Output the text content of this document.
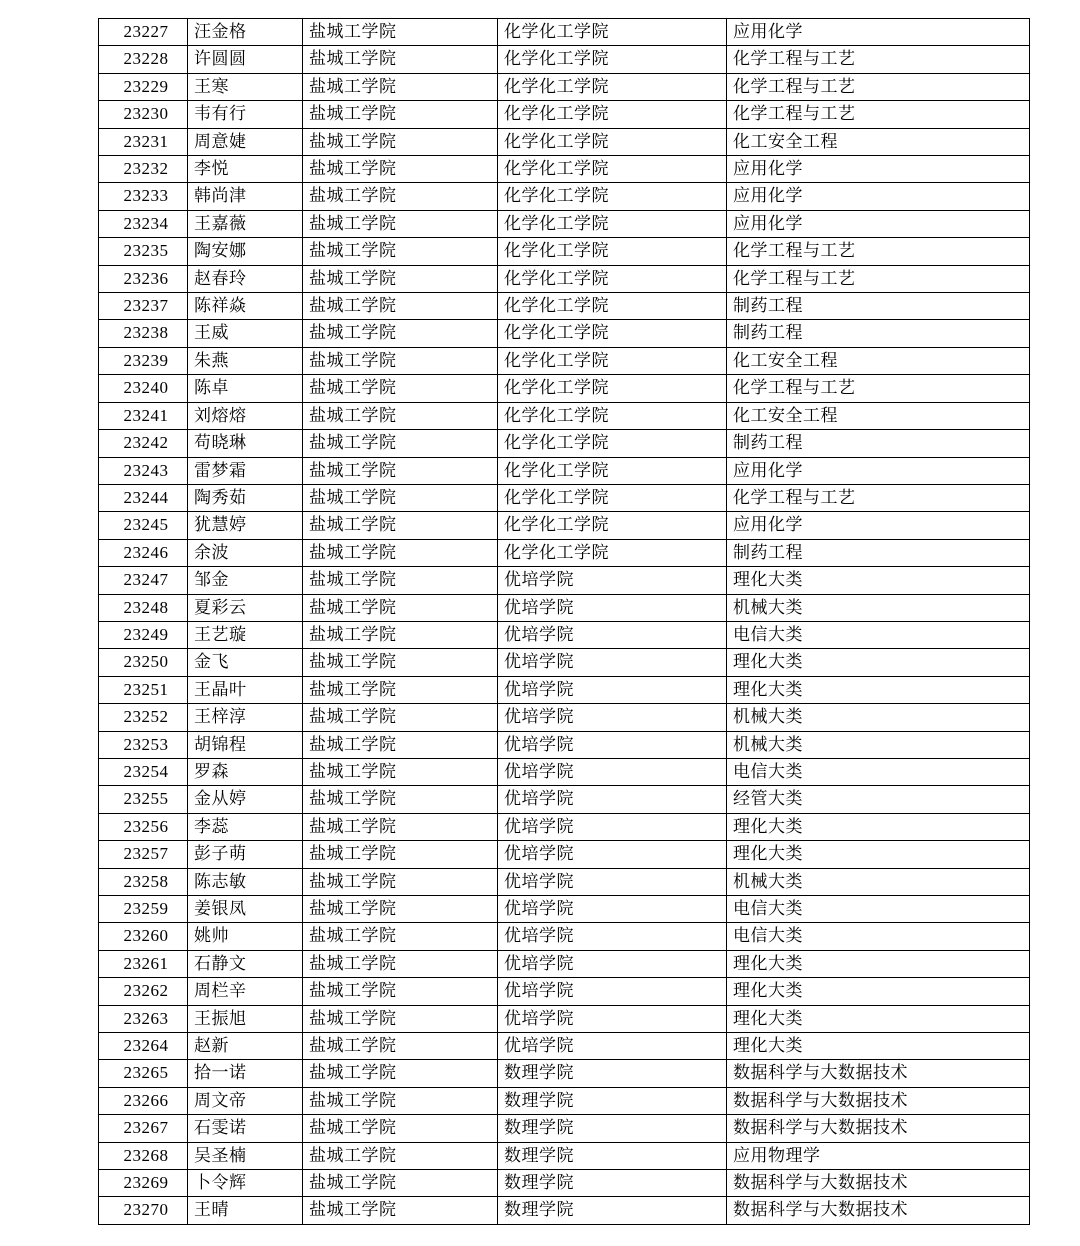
23227	汪金格	盐城工学院	化学化工学院	应用化学
23228	许圆圆	盐城工学院	化学化工学院	化学工程与工艺
23229	王寒	盐城工学院	化学化工学院	化学工程与工艺
23230	韦有行	盐城工学院	化学化工学院	化学工程与工艺
23231	周意婕	盐城工学院	化学化工学院	化工安全工程
23232	李悦	盐城工学院	化学化工学院	应用化学
23233	韩尚津	盐城工学院	化学化工学院	应用化学
23234	王嘉薇	盐城工学院	化学化工学院	应用化学
23235	陶安娜	盐城工学院	化学化工学院	化学工程与工艺
23236	赵春玲	盐城工学院	化学化工学院	化学工程与工艺
23237	陈祥焱	盐城工学院	化学化工学院	制药工程
23238	王威	盐城工学院	化学化工学院	制药工程
23239	朱燕	盐城工学院	化学化工学院	化工安全工程
23240	陈卓	盐城工学院	化学化工学院	化学工程与工艺
23241	刘熔熔	盐城工学院	化学化工学院	化工安全工程
23242	苟晓琳	盐城工学院	化学化工学院	制药工程
23243	雷梦霜	盐城工学院	化学化工学院	应用化学
23244	陶秀茹	盐城工学院	化学化工学院	化学工程与工艺
23245	犹慧婷	盐城工学院	化学化工学院	应用化学
23246	余波	盐城工学院	化学化工学院	制药工程
23247	邹金	盐城工学院	优培学院	理化大类
23248	夏彩云	盐城工学院	优培学院	机械大类
23249	王艺璇	盐城工学院	优培学院	电信大类
23250	金飞	盐城工学院	优培学院	理化大类
23251	王晶叶	盐城工学院	优培学院	理化大类
23252	王梓淳	盐城工学院	优培学院	机械大类
23253	胡锦程	盐城工学院	优培学院	机械大类
23254	罗森	盐城工学院	优培学院	电信大类
23255	金从婷	盐城工学院	优培学院	经管大类
23256	李蕊	盐城工学院	优培学院	理化大类
23257	彭子萌	盐城工学院	优培学院	理化大类
23258	陈志敏	盐城工学院	优培学院	机械大类
23259	姜银凤	盐城工学院	优培学院	电信大类
23260	姚帅	盐城工学院	优培学院	电信大类
23261	石静文	盐城工学院	优培学院	理化大类
23262	周栏辛	盐城工学院	优培学院	理化大类
23263	王振旭	盐城工学院	优培学院	理化大类
23264	赵新	盐城工学院	优培学院	理化大类
23265	拾一诺	盐城工学院	数理学院	数据科学与大数据技术
23266	周文帝	盐城工学院	数理学院	数据科学与大数据技术
23267	石雯诺	盐城工学院	数理学院	数据科学与大数据技术
23268	吴圣楠	盐城工学院	数理学院	应用物理学
23269	卜令辉	盐城工学院	数理学院	数据科学与大数据技术
23270	王晴	盐城工学院	数理学院	数据科学与大数据技术
